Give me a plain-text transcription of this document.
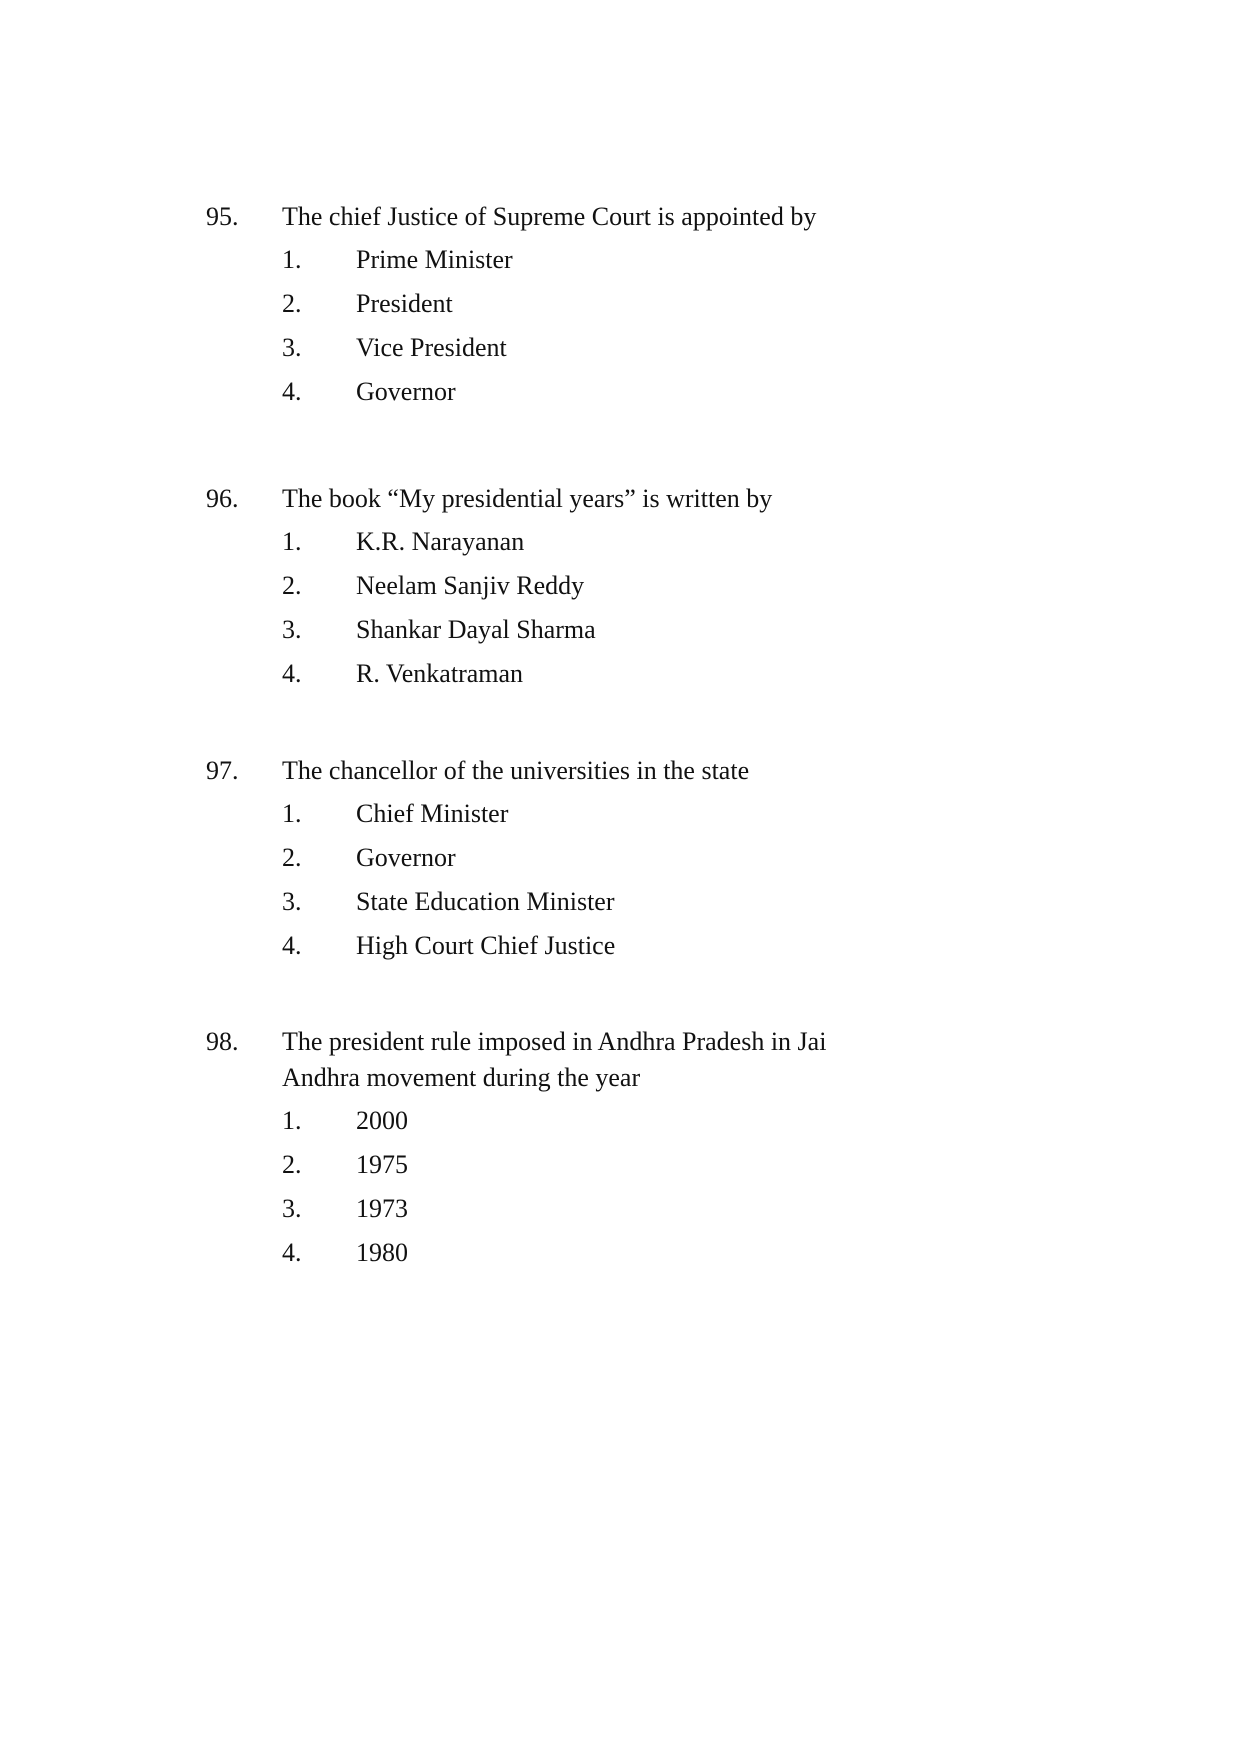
95.	The chief Justice of Supreme Court is appointed by
1.	Prime Minister
2.	President
3.	Vice President
4.	Governor
96.	The book “My presidential years” is written by
1.	K.R. Narayanan
2.	Neelam Sanjiv Reddy
3.	Shankar Dayal Sharma
4.	R. Venkatraman
97.	The chancellor of the universities in the state
1.	Chief Minister
2.	Governor
3.	State Education Minister
4.	High Court Chief Justice
98.	The president rule imposed in Andhra Pradesh in Jai Andhra movement during the year
1.	2000
2.	1975
3.	1973
4.	1980
